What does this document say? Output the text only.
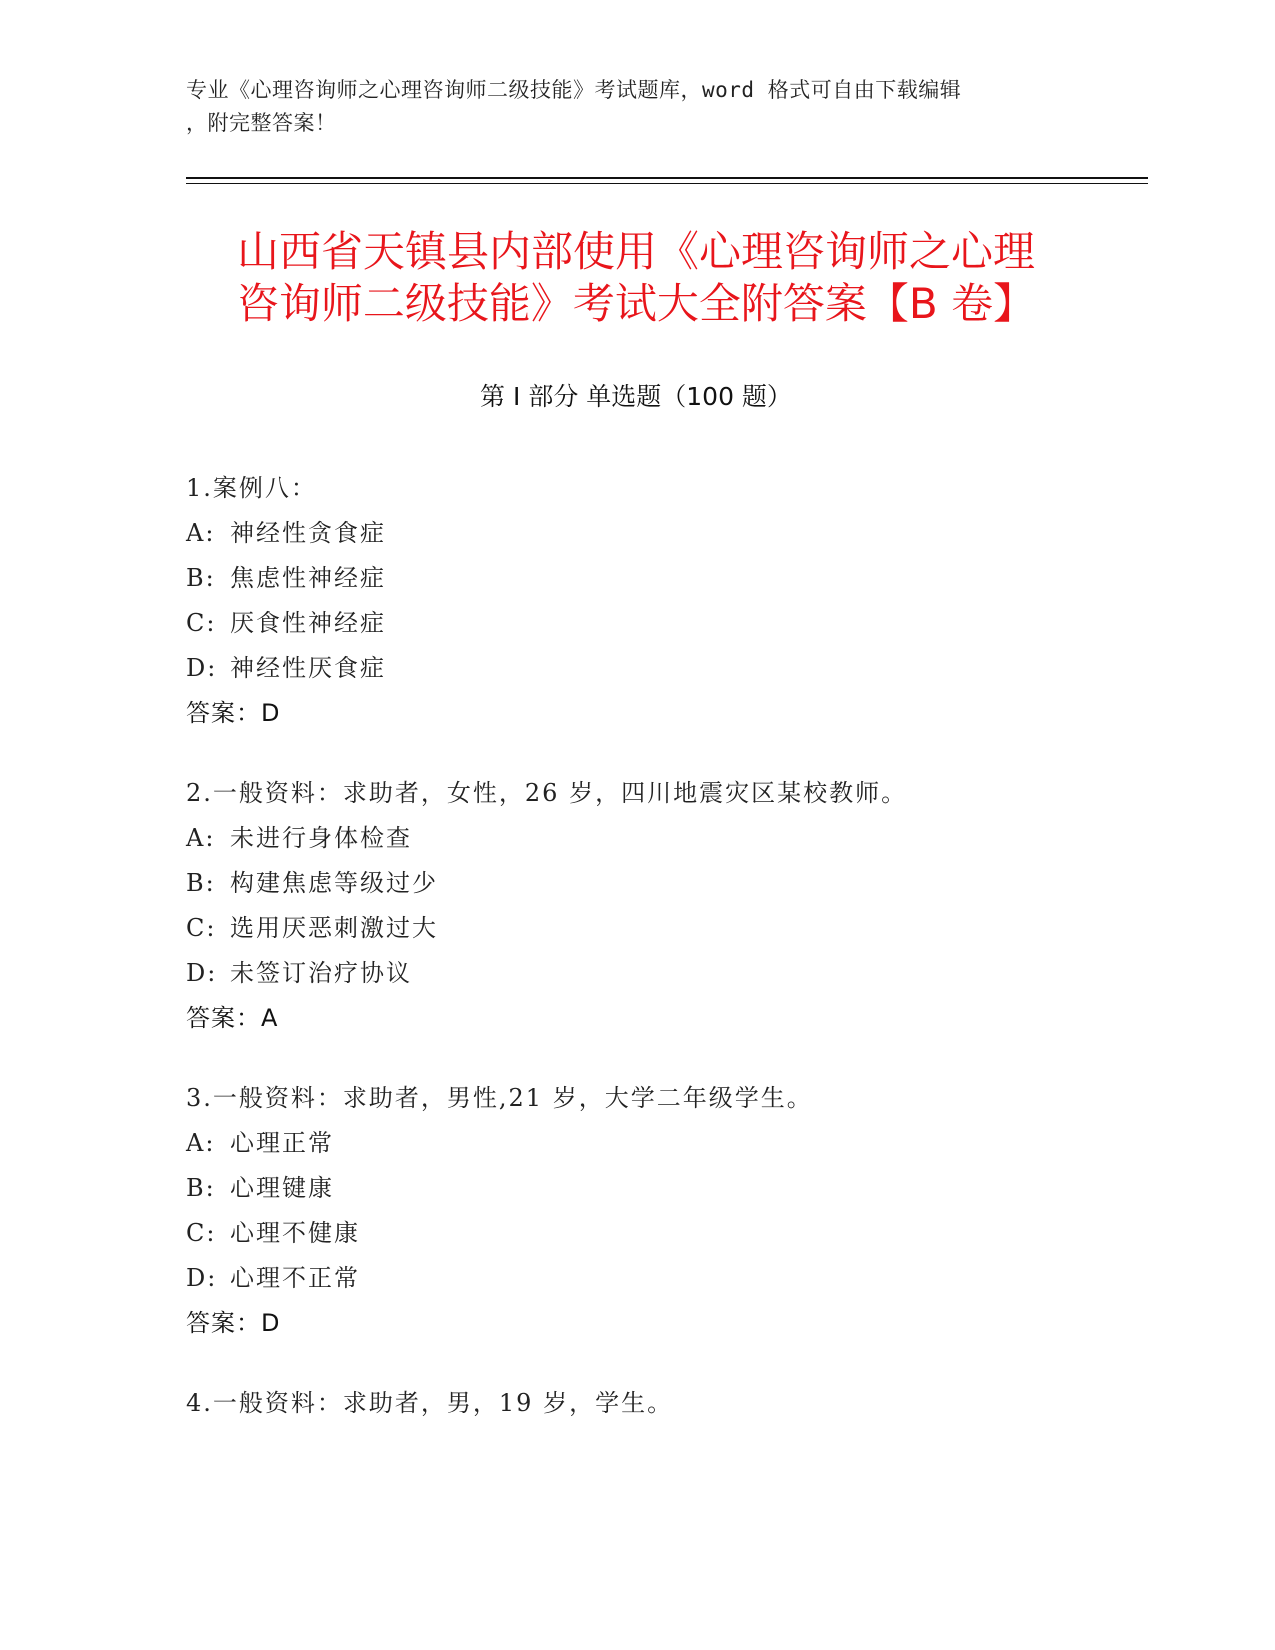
专业《心理咨询师之心理咨询师二级技能》考试题库，word 格式可自由下载编辑
，附完整答案！
山西省天镇县内部使用《心理咨询师之心理
咨询师二级技能》考试大全附答案【B 卷】
第 I 部分 单选题（100 题）
1.案例八：
A: 神经性贪食症
B: 焦虑性神经症
C: 厌食性神经症
D: 神经性厌食症
答案：D
2.一般资料：求助者，女性，26 岁，四川地震灾区某校教师。
A: 未进行身体检查
B: 构建焦虑等级过少
C: 选用厌恶刺激过大
D: 未签订治疗协议
答案：A
3.一般资料：求助者，男性,21 岁，大学二年级学生。
A: 心理正常
B: 心理键康
C: 心理不健康
D: 心理不正常
答案：D
4.一般资料：求助者，男，19 岁，学生。
